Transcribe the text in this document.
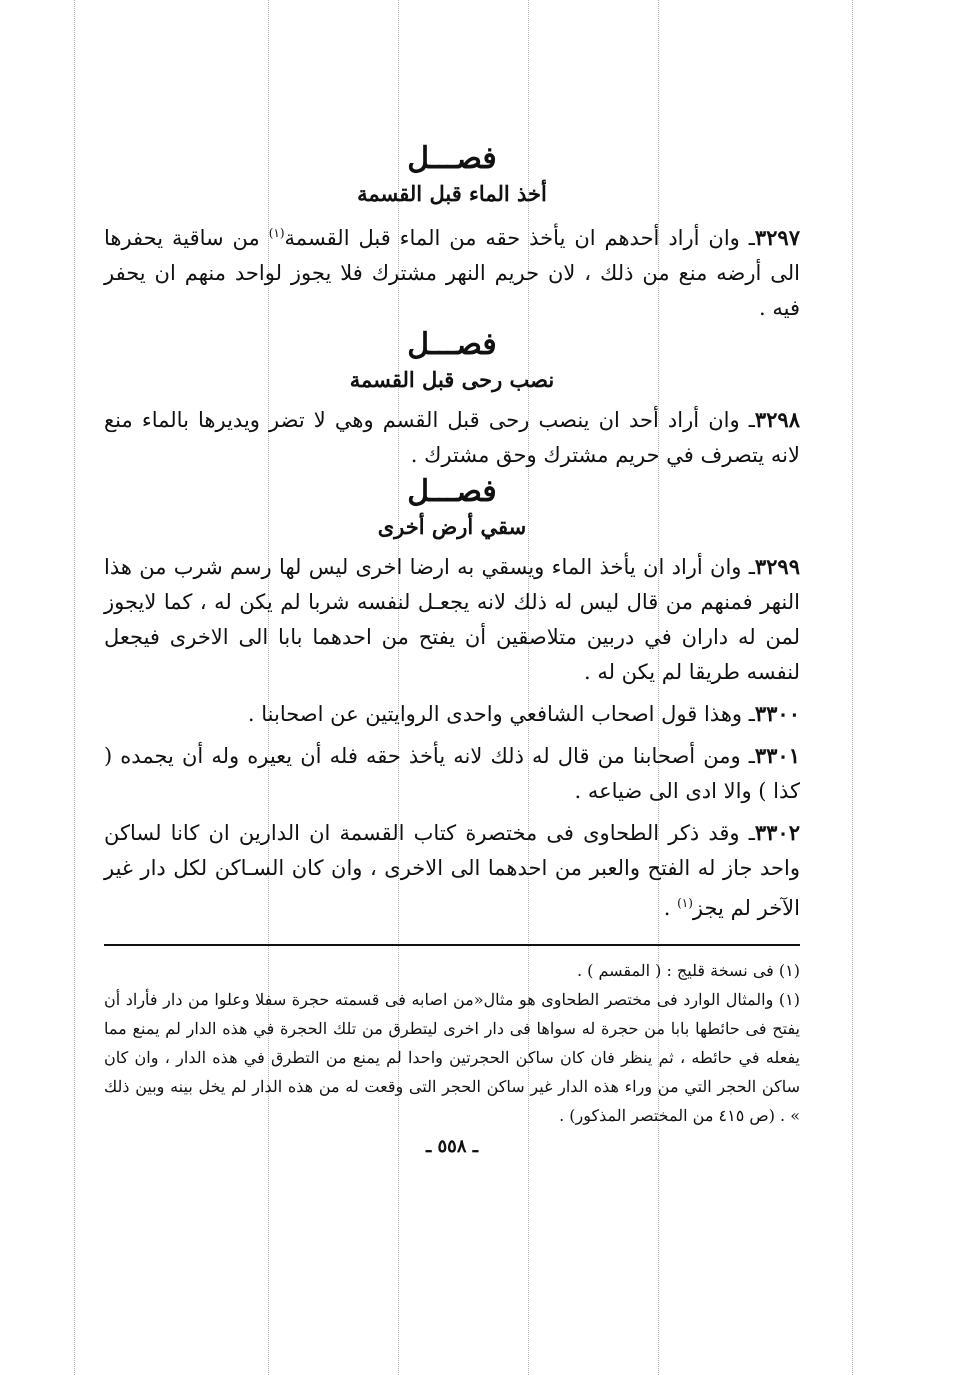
فصـــل

أخذ الماء قبل القسمة

٣٢٩٧ـ وان أراد أحدهم ان يأخذ حقه من الماء قبل القسمة$^{(١)}$ من ساقية يحفرها الى أرضه منع من ذلك ، لان حريم النهر مشترك فلا يجوز لواحد منهم ان يحفر فيه .

فصـــل

نصب رحى قبل القسمة

٣٢٩٨ـ وان أراد أحد ان ينصب رحى قبل القسم وهي لا تضر ويديرها بالماء منع لانه يتصرف في حريم مشترك وحق مشترك .

فصـــل

سقي أرض أخرى

٣٢٩٩ـ وان أراد ان يأخذ الماء ويسقي به ارضا اخرى ليس لها رسم شرب من هذا النهر فمنهم من قال ليس له ذلك لانه يجعـل لنفسه شربا لم يكن له ، كما لايجوز لمن له داران في دربين متلاصقين أن يفتح من احدهما بابا الى الاخرى فيجعل لنفسه طريقا لم يكن له .

٣٣٠٠ـ وهذا قول اصحاب الشافعي واحدى الروايتين عن اصحابنا .

٣٣٠١ـ ومن أصحابنا من قال له ذلك لانه يأخذ حقه فله أن يعيره وله أن يجمده ( كذا ) والا ادى الى ضياعه .

٣٣٠٢ـ وقد ذكر الطحاوى فى مختصرة كتاب القسمة ان الدارين ان كانا لساكن واحد جاز له الفتح والعبر من احدهما الى الاخرى ، وان كان السـاكن لكل دار غير الآخر لم يجز$^{(١)}$ .

(١) فى نسخة قليج : ( المقسم ) .

(١) والمثال الوارد فى مختصر الطحاوى هو مثال«من اصابه فى قسمته حجرة سفلا وعلوا من دار فأراد أن يفتح فى حائطها بابا من حجرة له سواها فى دار اخرى ليتطرق من تلك الحجرة في هذه الدار لم يمنع مما يفعله في حائطه ، ثم ينظر فان كان ساكن الحجرتين واحدا لم يمنع من التطرق في هذه الدار ، وان كان ساكن الحجر التي من وراء هذه الدار غير ساكن الحجر التى وقعت له من هذه الدار لم يخل بينه وبين ذلك » . (ص ٤١٥ من المختصر المذكور) .

ـ ٥٥٨ ـ
